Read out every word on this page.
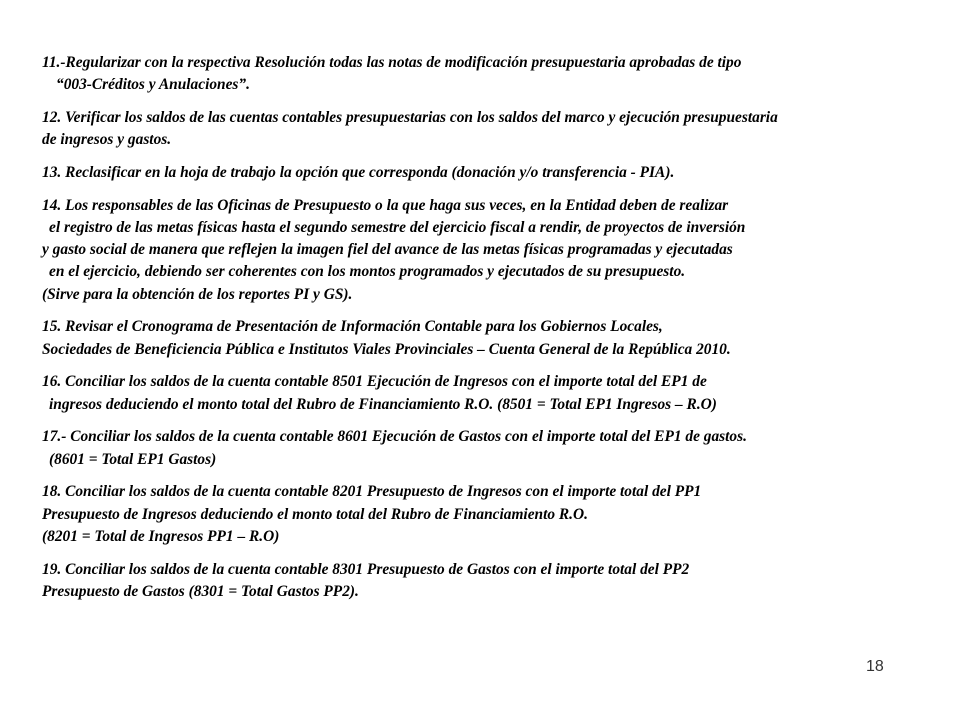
11.-Regularizar con la respectiva Resolución todas las notas de modificación presupuestaria aprobadas de tipo
“003-Créditos y Anulaciones”.

12. Verificar los saldos de las cuentas contables presupuestarias con los saldos del marco y ejecución presupuestaria
de ingresos y gastos.

13. Reclasificar en la hoja de trabajo la opción que corresponda (donación y/o transferencia - PIA).

14. Los responsables de las Oficinas de Presupuesto o la que haga sus veces, en la Entidad deben de realizar
el registro de las metas físicas hasta el segundo semestre del ejercicio fiscal a rendir, de proyectos de inversión
y gasto social de manera que reflejen la imagen fiel del avance de las metas físicas programadas y ejecutadas
en el ejercicio, debiendo ser coherentes con los montos programados y ejecutados de su presupuesto.
(Sirve para la obtención de los reportes PI y GS).

15. Revisar el Cronograma de Presentación de Información Contable para los Gobiernos Locales,
Sociedades de Beneficiencia Pública e Institutos Viales Provinciales – Cuenta General de la República 2010.

16. Conciliar los saldos de la cuenta contable 8501 Ejecución de Ingresos con el importe total del EP1 de
ingresos deduciendo el monto total del Rubro de Financiamiento R.O. (8501 = Total EP1 Ingresos – R.O)

17.- Conciliar los saldos de la cuenta contable 8601 Ejecución de Gastos con el importe total del EP1 de gastos.
(8601 = Total EP1 Gastos)

18. Conciliar los saldos de la cuenta contable 8201 Presupuesto de Ingresos con el importe total del PP1
Presupuesto de Ingresos deduciendo el monto total del Rubro de Financiamiento R.O.
(8201 = Total de Ingresos PP1 – R.O)

19. Conciliar los saldos de la cuenta contable 8301 Presupuesto de Gastos con el importe total del PP2
Presupuesto de Gastos (8301 = Total Gastos PP2).

18
